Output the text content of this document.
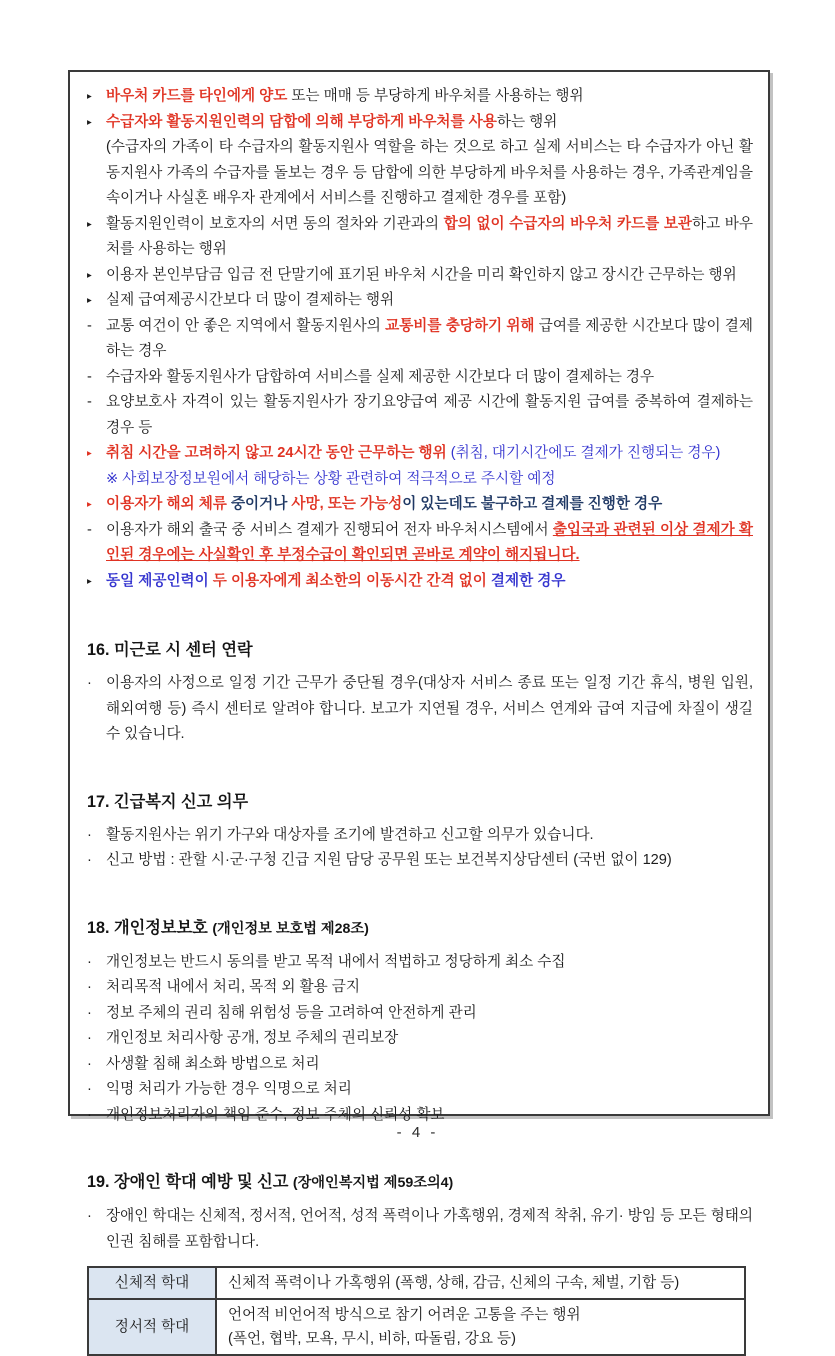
▸ 바우처 카드를 타인에게 양도 또는 매매 등 부당하게 바우처를 사용하는 행위
▸ 수급자와 활동지원인력의 담합에 의해 부당하게 바우처를 사용하는 행위
(수급자의 가족이 타 수급자의 활동지원사 역할을 하는 것으로 하고 실제 서비스는 타 수급자가 아닌 활동지원사 가족의 수급자를 돌보는 경우 등 담합에 의한 부당하게 바우처를 사용하는 경우, 가족관계임을 속이거나 사실혼 배우자 관계에서 서비스를 진행하고 결제한 경우를 포함)
▸ 활동지원인력이 보호자의 서면 동의 절차와 기관과의 합의 없이 수급자의 바우처 카드를 보관하고 바우처를 사용하는 행위
▸ 이용자 본인부담금 입금 전 단말기에 표기된 바우처 시간을 미리 확인하지 않고 장시간 근무하는 행위
▸ 실제 급여제공시간보다 더 많이 결제하는 행위
- 교통 여건이 안 좋은 지역에서 활동지원사의 교통비를 충당하기 위해 급여를 제공한 시간보다 많이 결제하는 경우
- 수급자와 활동지원사가 담합하여 서비스를 실제 제공한 시간보다 더 많이 결제하는 경우
- 요양보호사 자격이 있는 활동지원사가 장기요양급여 제공 시간에 활동지원 급여를 중복하여 결제하는 경우 등
▸ 취침 시간을 고려하지 않고 24시간 동안 근무하는 행위 (취침, 대기시간에도 결제가 진행되는 경우)
※ 사회보장정보원에서 해당하는 상황 관련하여 적극적으로 주시할 예정
▸ 이용자가 해외 체류 중이거나 사망, 또는 가능성이 있는데도 불구하고 결제를 진행한 경우
- 이용자가 해외 출국 중 서비스 결제가 진행되어 전자 바우처시스템에서 출입국과 관련된 이상 결제가 확인된 경우에는 사실확인 후 부정수급이 확인되면 곧바로 계약이 해지됩니다.
▸ 동일 제공인력이 두 이용자에게 최소한의 이동시간 간격 없이 결제한 경우
16. 미근로 시 센터 연락
· 이용자의 사정으로 일정 기간 근무가 중단될 경우(대상자 서비스 종료 또는 일정 기간 휴식, 병원 입원, 해외여행 등) 즉시 센터로 알려야 합니다. 보고가 지연될 경우, 서비스 연계와 급여 지급에 차질이 생길 수 있습니다.
17. 긴급복지 신고 의무
· 활동지원사는 위기 가구와 대상자를 조기에 발견하고 신고할 의무가 있습니다.
· 신고 방법 : 관할 시·군·구청 긴급 지원 담당 공무원 또는 보건복지상담센터 (국번 없이 129)
18. 개인정보보호 (개인정보 보호법 제28조)
· 개인정보는 반드시 동의를 받고 목적 내에서 적법하고 정당하게 최소 수집
· 처리목적 내에서 처리, 목적 외 활용 금지
· 정보 주체의 권리 침해 위험성 등을 고려하여 안전하게 관리
· 개인정보 처리사항 공개, 정보 주체의 권리보장
· 사생활 침해 최소화 방법으로 처리
· 익명 처리가 가능한 경우 익명으로 처리
· 개인정보처리자의 책임 준수, 정보 주체의 신뢰성 확보
19. 장애인 학대 예방 및 신고 (장애인복지법 제59조의4)
· 장애인 학대는 신체적, 정서적, 언어적, 성적 폭력이나 가혹행위, 경제적 착취, 유기· 방임 등 모든 형태의 인권 침해를 포함합니다.
신체적 학대	신체적 폭력이나 가혹행위 (폭행, 상해, 감금, 신체의 구속, 체벌, 기합 등)

정서적 학대	언어적 비언어적 방식으로 참기 어려운 고통을 주는 행위
(폭언, 협박, 모욕, 무시, 비하, 따돌림, 강요 등)
- 4 -
